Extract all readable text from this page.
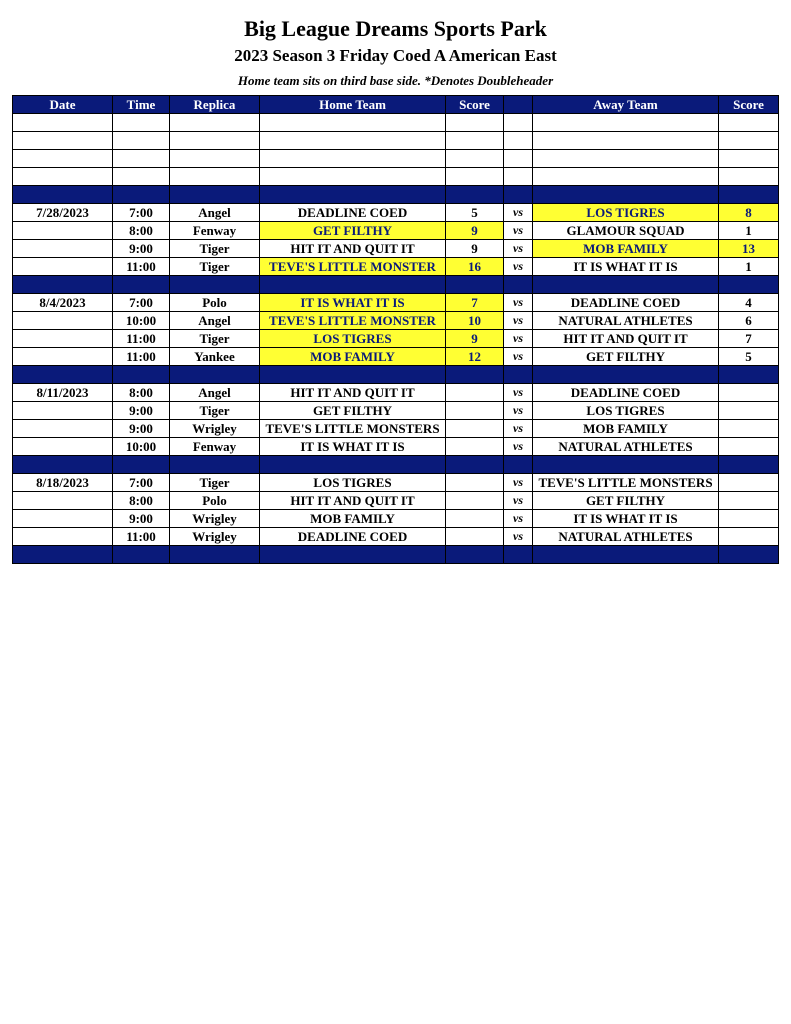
Big League Dreams Sports Park
2023 Season 3 Friday Coed A American East
Home team sits on third base side. *Denotes Doubleheader
Date	Time	Replica	Home Team	Score		Away Team	Score

7/28/2023	7:00	Angel	DEADLINE COED	5	vs	LOS TIGRES	8
	8:00	Fenway	GET FILTHY	9	vs	GLAMOUR SQUAD	1
	9:00	Tiger	HIT IT AND QUIT IT	9	vs	MOB FAMILY	13
	11:00	Tiger	TEVE'S LITTLE MONSTER	16	vs	IT IS WHAT IT IS	1

8/4/2023	7:00	Polo	IT IS WHAT IT IS	7	vs	DEADLINE COED	4
	10:00	Angel	TEVE'S LITTLE MONSTER	10	vs	NATURAL ATHLETES	6
	11:00	Tiger	LOS TIGRES	9	vs	HIT IT AND QUIT IT	7
	11:00	Yankee	MOB FAMILY	12	vs	GET FILTHY	5

8/11/2023	8:00	Angel	HIT IT AND QUIT IT		vs	DEADLINE COED	
	9:00	Tiger	GET FILTHY		vs	LOS TIGRES	
	9:00	Wrigley	TEVE'S LITTLE MONSTERS		vs	MOB FAMILY	
	10:00	Fenway	IT IS WHAT IT IS		vs	NATURAL ATHLETES	

8/18/2023	7:00	Tiger	LOS TIGRES		vs	TEVE'S LITTLE MONSTERS	
	8:00	Polo	HIT IT AND QUIT IT		vs	GET FILTHY	
	9:00	Wrigley	MOB FAMILY		vs	IT IS WHAT IT IS	
	11:00	Wrigley	DEADLINE COED		vs	NATURAL ATHLETES	
